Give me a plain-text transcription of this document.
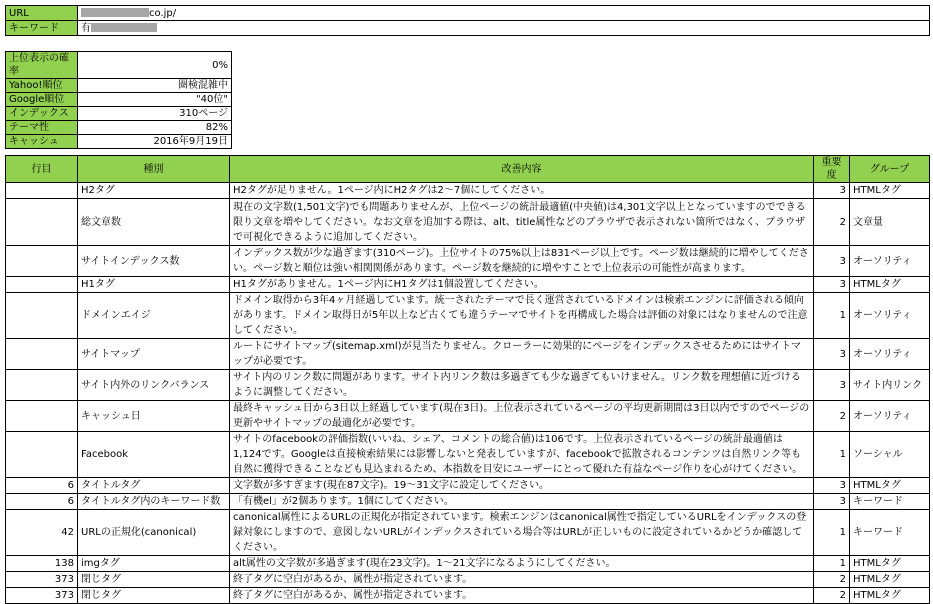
URL	co.jp/
キーワード	有
上位表示の確率	0%
Yahoo!順位	圏検混雑中
Google順位	"40位"
インデックス	310ページ
テーマ性	82%
キャッシュ	2016年9月19日
行目	種別	改善内容	重要度	グループ
	H2タグ	H2タグが足りません。1ページ内にH2タグは2～7個にしてください。	3	HTMLタグ
	総文章数	現在の文字数(1,501文字)でも問題ありませんが、上位ページの統計最適値(中央値)は4,301文字以上となっていますのでできる限り文章を増やしてください。なお文章を追加する際は、alt、title属性などのブラウザで表示されない箇所ではなく、ブラウザで可視化できるように追加してください。	2	文章量
	サイトインデックス数	インデックス数が少な過ぎます(310ページ)。上位サイトの75%以上は831ページ以上です。ページ数は継続的に増やしてください。ページ数と順位は強い相関関係があります。ページ数を継続的に増やすことで上位表示の可能性が高まります。	3	オーソリティ
	H1タグ	H1タグがありません。1ページ内にH1タグは1個設置してください。	3	HTMLタグ
	ドメインエイジ	ドメイン取得から3年4ヶ月経過しています。統一されたテーマで長く運営されているドメインは検索エンジンに評価される傾向があります。ドメイン取得日が5年以上など古くても違うテーマでサイトを再構成した場合は評価の対象にはなりませんので注意してください。	1	オーソリティ
	サイトマップ	ルートにサイトマップ(sitemap.xml)が見当たりません。クローラーに効果的にページをインデックスさせるためにはサイトマップが必要です。	3	オーソリティ
	サイト内外のリンクバランス	サイト内のリンク数に問題があります。サイト内リンク数は多過ぎても少な過ぎてもいけません。リンク数を理想値に近づけるように調整してください。	3	サイト内リンク
	キャッシュ日	最終キャッシュ日から3日以上経過しています(現在3日)。上位表示されているページの平均更新期間は3日以内ですのでページの更新やサイトマップの最適化が必要です。	2	オーソリティ
	Facebook	サイトのfacebookの評価指数(いいね、シェア、コメントの総合値)は106です。上位表示されているページの統計最適値は1,124です。Googleは直接検索結果には影響しないと発表していますが、facebookで拡散されるコンテンツは自然リンク等も自然に獲得できることなども見込まれるため、本指数を目安にユーザーにとって優れた有益なページ作りを心がけてください。	1	ソーシャル
6	タイトルタグ	文字数が多すぎます(現在87文字)。19～31文字に設定してください。	3	HTMLタグ
6	タイトルタグ内のキーワード数	「有機el」が2個あります。1個にしてください。	3	キーワード
42	URLの正規化(canonical)	canonical属性によるURLの正規化が指定されています。検索エンジンはcanonical属性で指定しているURLをインデックスの登録対象にしますので、意図しないURLがインデックスされている場合等はURLが正しいものに設定されているかどうか確認してください。	1	キーワード
138	imgタグ	alt属性の文字数が多過ぎます(現在23文字)。1～21文字になるようにしてください。	1	HTMLタグ
373	閉じタグ	終了タグに空白があるか、属性が指定されています。	2	HTMLタグ
373	閉じタグ	終了タグに空白があるか、属性が指定されています。	2	HTMLタグ
